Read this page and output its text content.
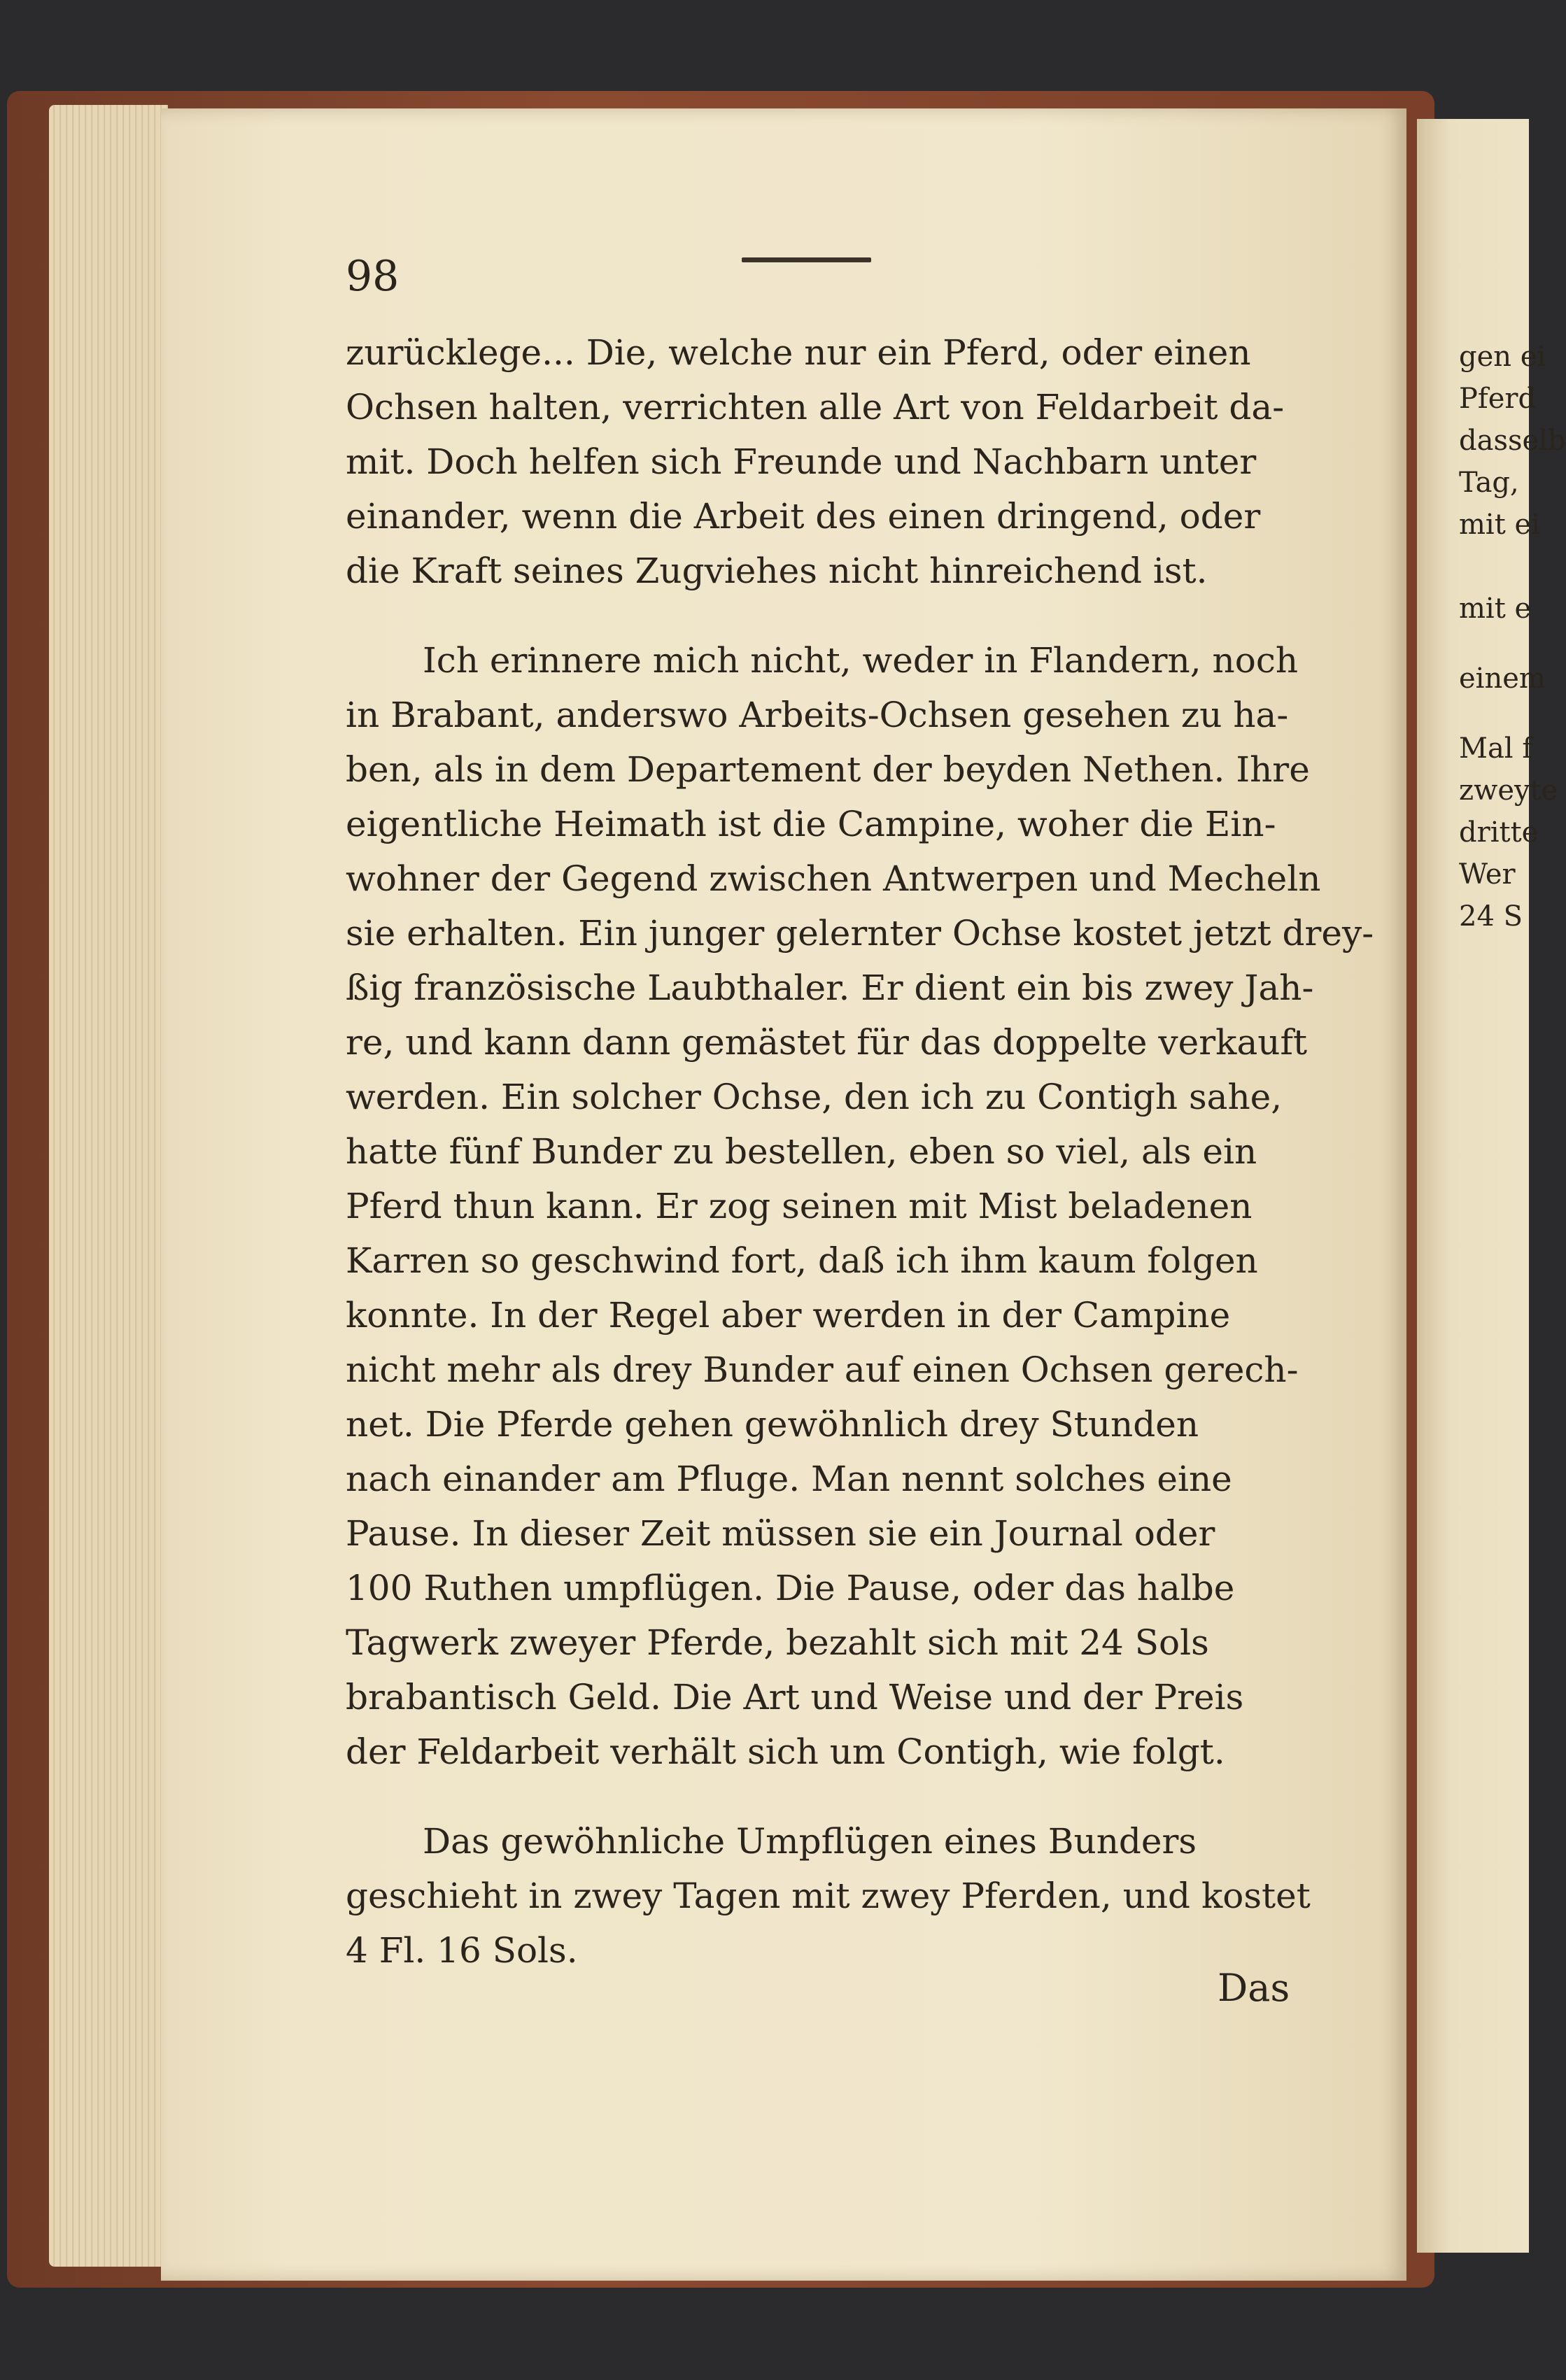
gen ei
Pferd
dasselb
Tag,
mit ei
mit e
einem
Mal f
zweyte
dritte
Wer
24 S
98
zurücklege... Die, welche nur ein Pferd, oder einen
Ochsen halten, verrichten alle Art von Feldarbeit da-
mit. Doch helfen sich Freunde und Nachbarn unter
einander, wenn die Arbeit des einen dringend, oder
die Kraft seines Zugviehes nicht hinreichend ist.
Ich erinnere mich nicht, weder in Flandern, noch
in Brabant, anderswo Arbeits-Ochsen gesehen zu ha-
ben, als in dem Departement der beyden Nethen. Ihre
eigentliche Heimath ist die Campine, woher die Ein-
wohner der Gegend zwischen Antwerpen und Mecheln
sie erhalten. Ein junger gelernter Ochse kostet jetzt drey-
ßig französische Laubthaler. Er dient ein bis zwey Jah-
re, und kann dann gemästet für das doppelte verkauft
werden. Ein solcher Ochse, den ich zu Contigh sahe,
hatte fünf Bunder zu bestellen, eben so viel, als ein
Pferd thun kann. Er zog seinen mit Mist beladenen
Karren so geschwind fort, daß ich ihm kaum folgen
konnte. In der Regel aber werden in der Campine
nicht mehr als drey Bunder auf einen Ochsen gerech-
net. Die Pferde gehen gewöhnlich drey Stunden
nach einander am Pfluge. Man nennt solches eine
Pause. In dieser Zeit müssen sie ein Journal oder
100 Ruthen umpflügen. Die Pause, oder das halbe
Tagwerk zweyer Pferde, bezahlt sich mit 24 Sols
brabantisch Geld. Die Art und Weise und der Preis
der Feldarbeit verhält sich um Contigh, wie folgt.
Das gewöhnliche Umpflügen eines Bunders
geschieht in zwey Tagen mit zwey Pferden, und kostet
4 Fl. 16 Sols.
Das
